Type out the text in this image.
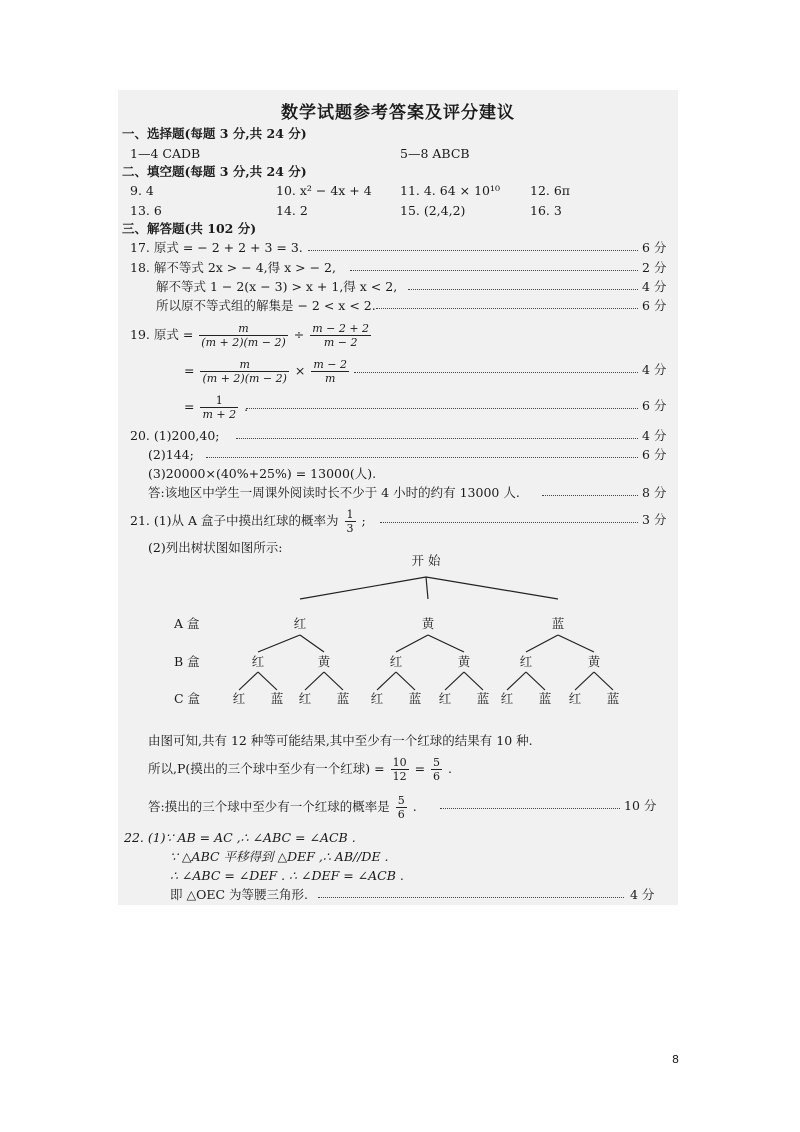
数学试题参考答案及评分建议
一、选择题(每题 3 分,共 24 分)
1—4 CADB	5—8 ABCB
二、填空题(每题 3 分,共 24 分)
9. 4	10. x² − 4x + 4 11. 4. 64 × 10¹⁰ 12. 6π
13. 6	14. 2	15. (2,4,2)	16. 3
三、解答题(共 102 分)
17. 原式 = − 2 + 2 + 3 = 3.	6 分
18. 解不等式 2x > − 4,得 x > − 2,	2 分
解不等式 1 − 2(x − 3) > x + 1,得 x < 2,	4 分
所以原不等式组的解集是 − 2 < x < 2.	6 分
19. 原式 = $\frac{m}{(m + 2)(m - 2)} \div \frac{m - 2 + 2}{m - 2}$
= $\frac{m}{(m + 2)(m - 2)} \times \frac{m - 2}{m}$	4 分
= $\frac{1}{m + 2}$ .	6 分
20. (1)200,40;	4 分
(2)144;	6 分
(3)20000×(40%+25%) = 13000(人).
答:该地区中学生一周课外阅读时长不少于 4 小时的约有 13000 人.	8 分
21. (1)从 A 盒子中摸出红球的概率为 $\frac{1}{3}$ ;	3 分
(2)列出树状图如图所示:
开 始
A 盒
B 盒
C 盒
红
红
红 蓝
黄
红 蓝
黄
红
红 蓝
黄
红 蓝
蓝
红
红 蓝
黄
红 蓝
由图可知,共有 12 种等可能结果,其中至少有一个红球的结果有 10 种.
所以,P(摸出的三个球中至少有一个红球) = $\frac{10}{12} = \frac{5}{6}$ .
答:摸出的三个球中至少有一个红球的概率是 $\frac{5}{6}$ .	10 分
22. (1)∵ AB = AC ,∴ ∠ABC = ∠ACB .
∵ △ABC 平移得到 △DEF ,∴ AB//DE .
∴ ∠ABC = ∠DEF . ∴ ∠DEF = ∠ACB .
即 △OEC 为等腰三角形.	4 分
8
